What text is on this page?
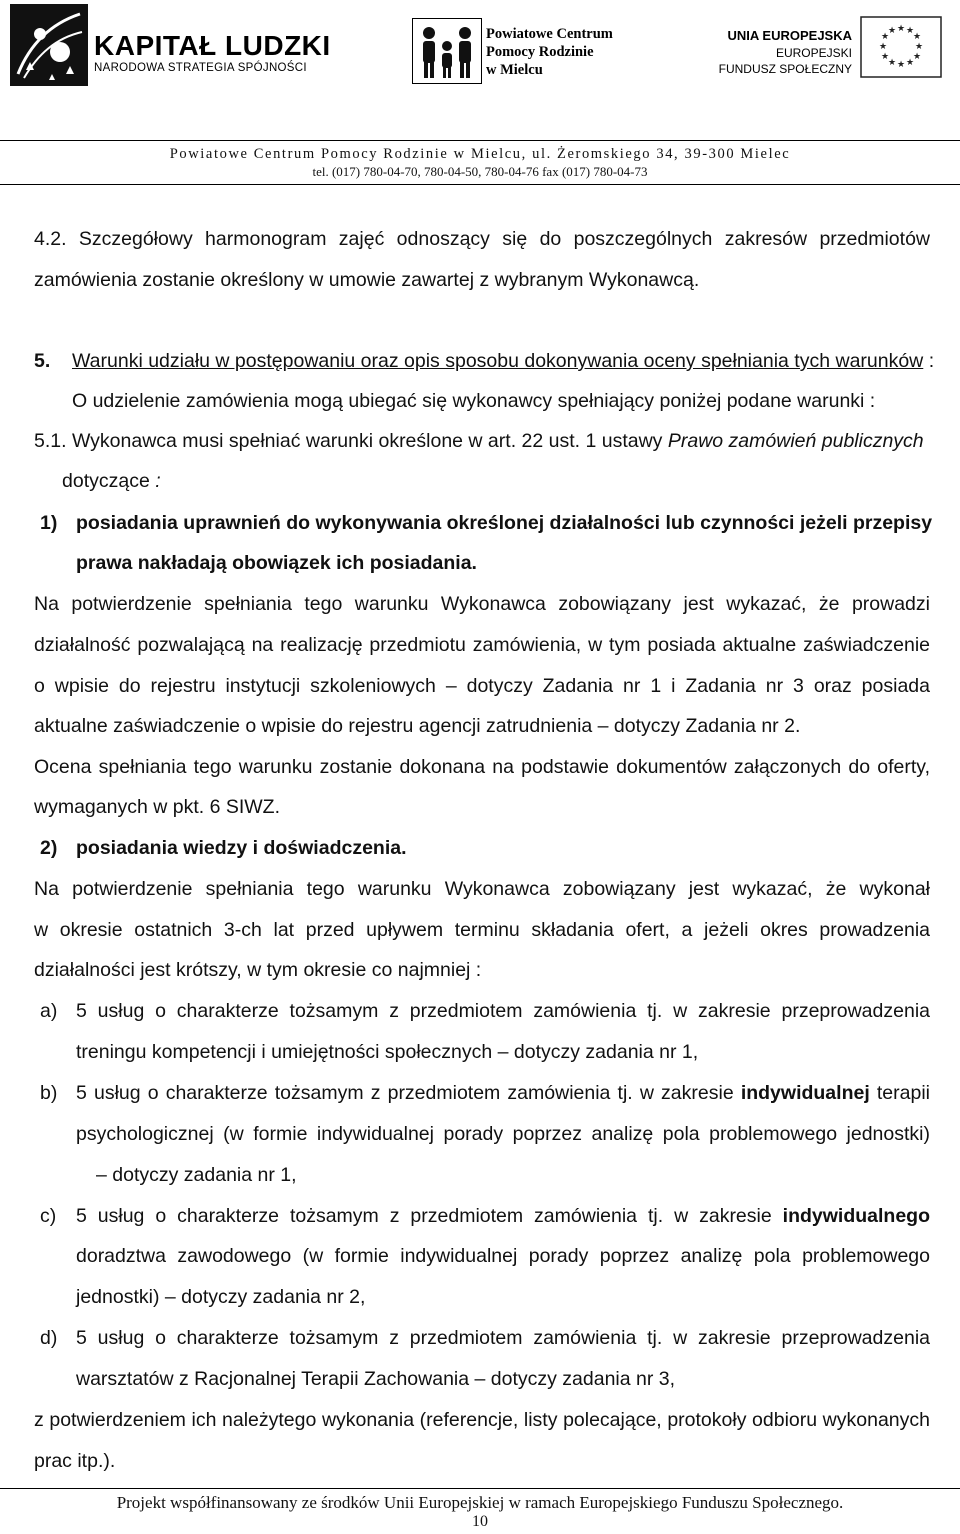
KAPITAŁ LUDZKI
NARODOWA STRATEGIA SPÓJNOŚCI
Powiatowe Centrum
Pomocy Rodzinie
w Mielcu
UNIA EUROPEJSKA
EUROPEJSKI
FUNDUSZ SPOŁECZNY
★ ★
★
★
★
★
★
★
★
★
★
★
Powiatowe Centrum Pomocy Rodzinie w Mielcu, ul. Żeromskiego 34, 39-300 Mielec
tel. (017) 780-04-70, 780-04-50, 780-04-76 fax (017) 780-04-73
4.2. Szczegółowy harmonogram zajęć odnoszący się do poszczególnych zakresów przedmiotów
zamówienia zostanie określony w umowie zawartej z wybranym Wykonawcą.
5. Warunki udziału w postępowaniu oraz opis sposobu dokonywania oceny spełniania tych warunków :
O udzielenie zamówienia mogą ubiegać się wykonawcy spełniający poniżej podane warunki :
5.1. Wykonawca musi spełniać warunki określone w art. 22 ust. 1 ustawy Prawo zamówień publicznych
dotyczące :
1) posiadania uprawnień do wykonywania określonej działalności lub czynności jeżeli przepisy
prawa nakładają obowiązek ich posiadania.
Na potwierdzenie spełniania tego warunku Wykonawca zobowiązany jest wykazać, że prowadzi
działalność pozwalającą na realizację przedmiotu zamówienia, w tym posiada aktualne zaświadczenie
o wpisie do rejestru instytucji szkoleniowych – dotyczy Zadania nr 1 i Zadania nr 3 oraz posiada
aktualne zaświadczenie o wpisie do rejestru agencji zatrudnienia – dotyczy Zadania nr 2.
Ocena spełniania tego warunku zostanie dokonana na podstawie dokumentów załączonych do oferty,
wymaganych w pkt. 6 SIWZ.
2) posiadania wiedzy i doświadczenia.
Na potwierdzenie spełniania tego warunku Wykonawca zobowiązany jest wykazać, że wykonał
w okresie ostatnich 3-ch lat przed upływem terminu składania ofert, a jeżeli okres prowadzenia
działalności jest krótszy, w tym okresie co najmniej :
a) 5 usług o charakterze tożsamym z przedmiotem zamówienia tj. w zakresie przeprowadzenia
treningu kompetencji i umiejętności społecznych – dotyczy zadania nr 1,
b) 5 usług o charakterze tożsamym z przedmiotem zamówienia tj. w zakresie indywidualnej terapii
psychologicznej (w formie indywidualnej porady poprzez analizę pola problemowego jednostki)
– dotyczy zadania nr 1,
c) 5 usług o charakterze tożsamym z przedmiotem zamówienia tj. w zakresie indywidualnego
doradztwa zawodowego (w formie indywidualnej porady poprzez analizę pola problemowego
jednostki) – dotyczy zadania nr 2,
d) 5 usług o charakterze tożsamym z przedmiotem zamówienia tj. w zakresie przeprowadzenia
warsztatów z Racjonalnej Terapii Zachowania – dotyczy zadania nr 3,
z potwierdzeniem ich należytego wykonania (referencje, listy polecające, protokoły odbioru wykonanych
prac itp.).
Projekt współfinansowany ze środków Unii Europejskiej w ramach Europejskiego Funduszu Społecznego.
10
